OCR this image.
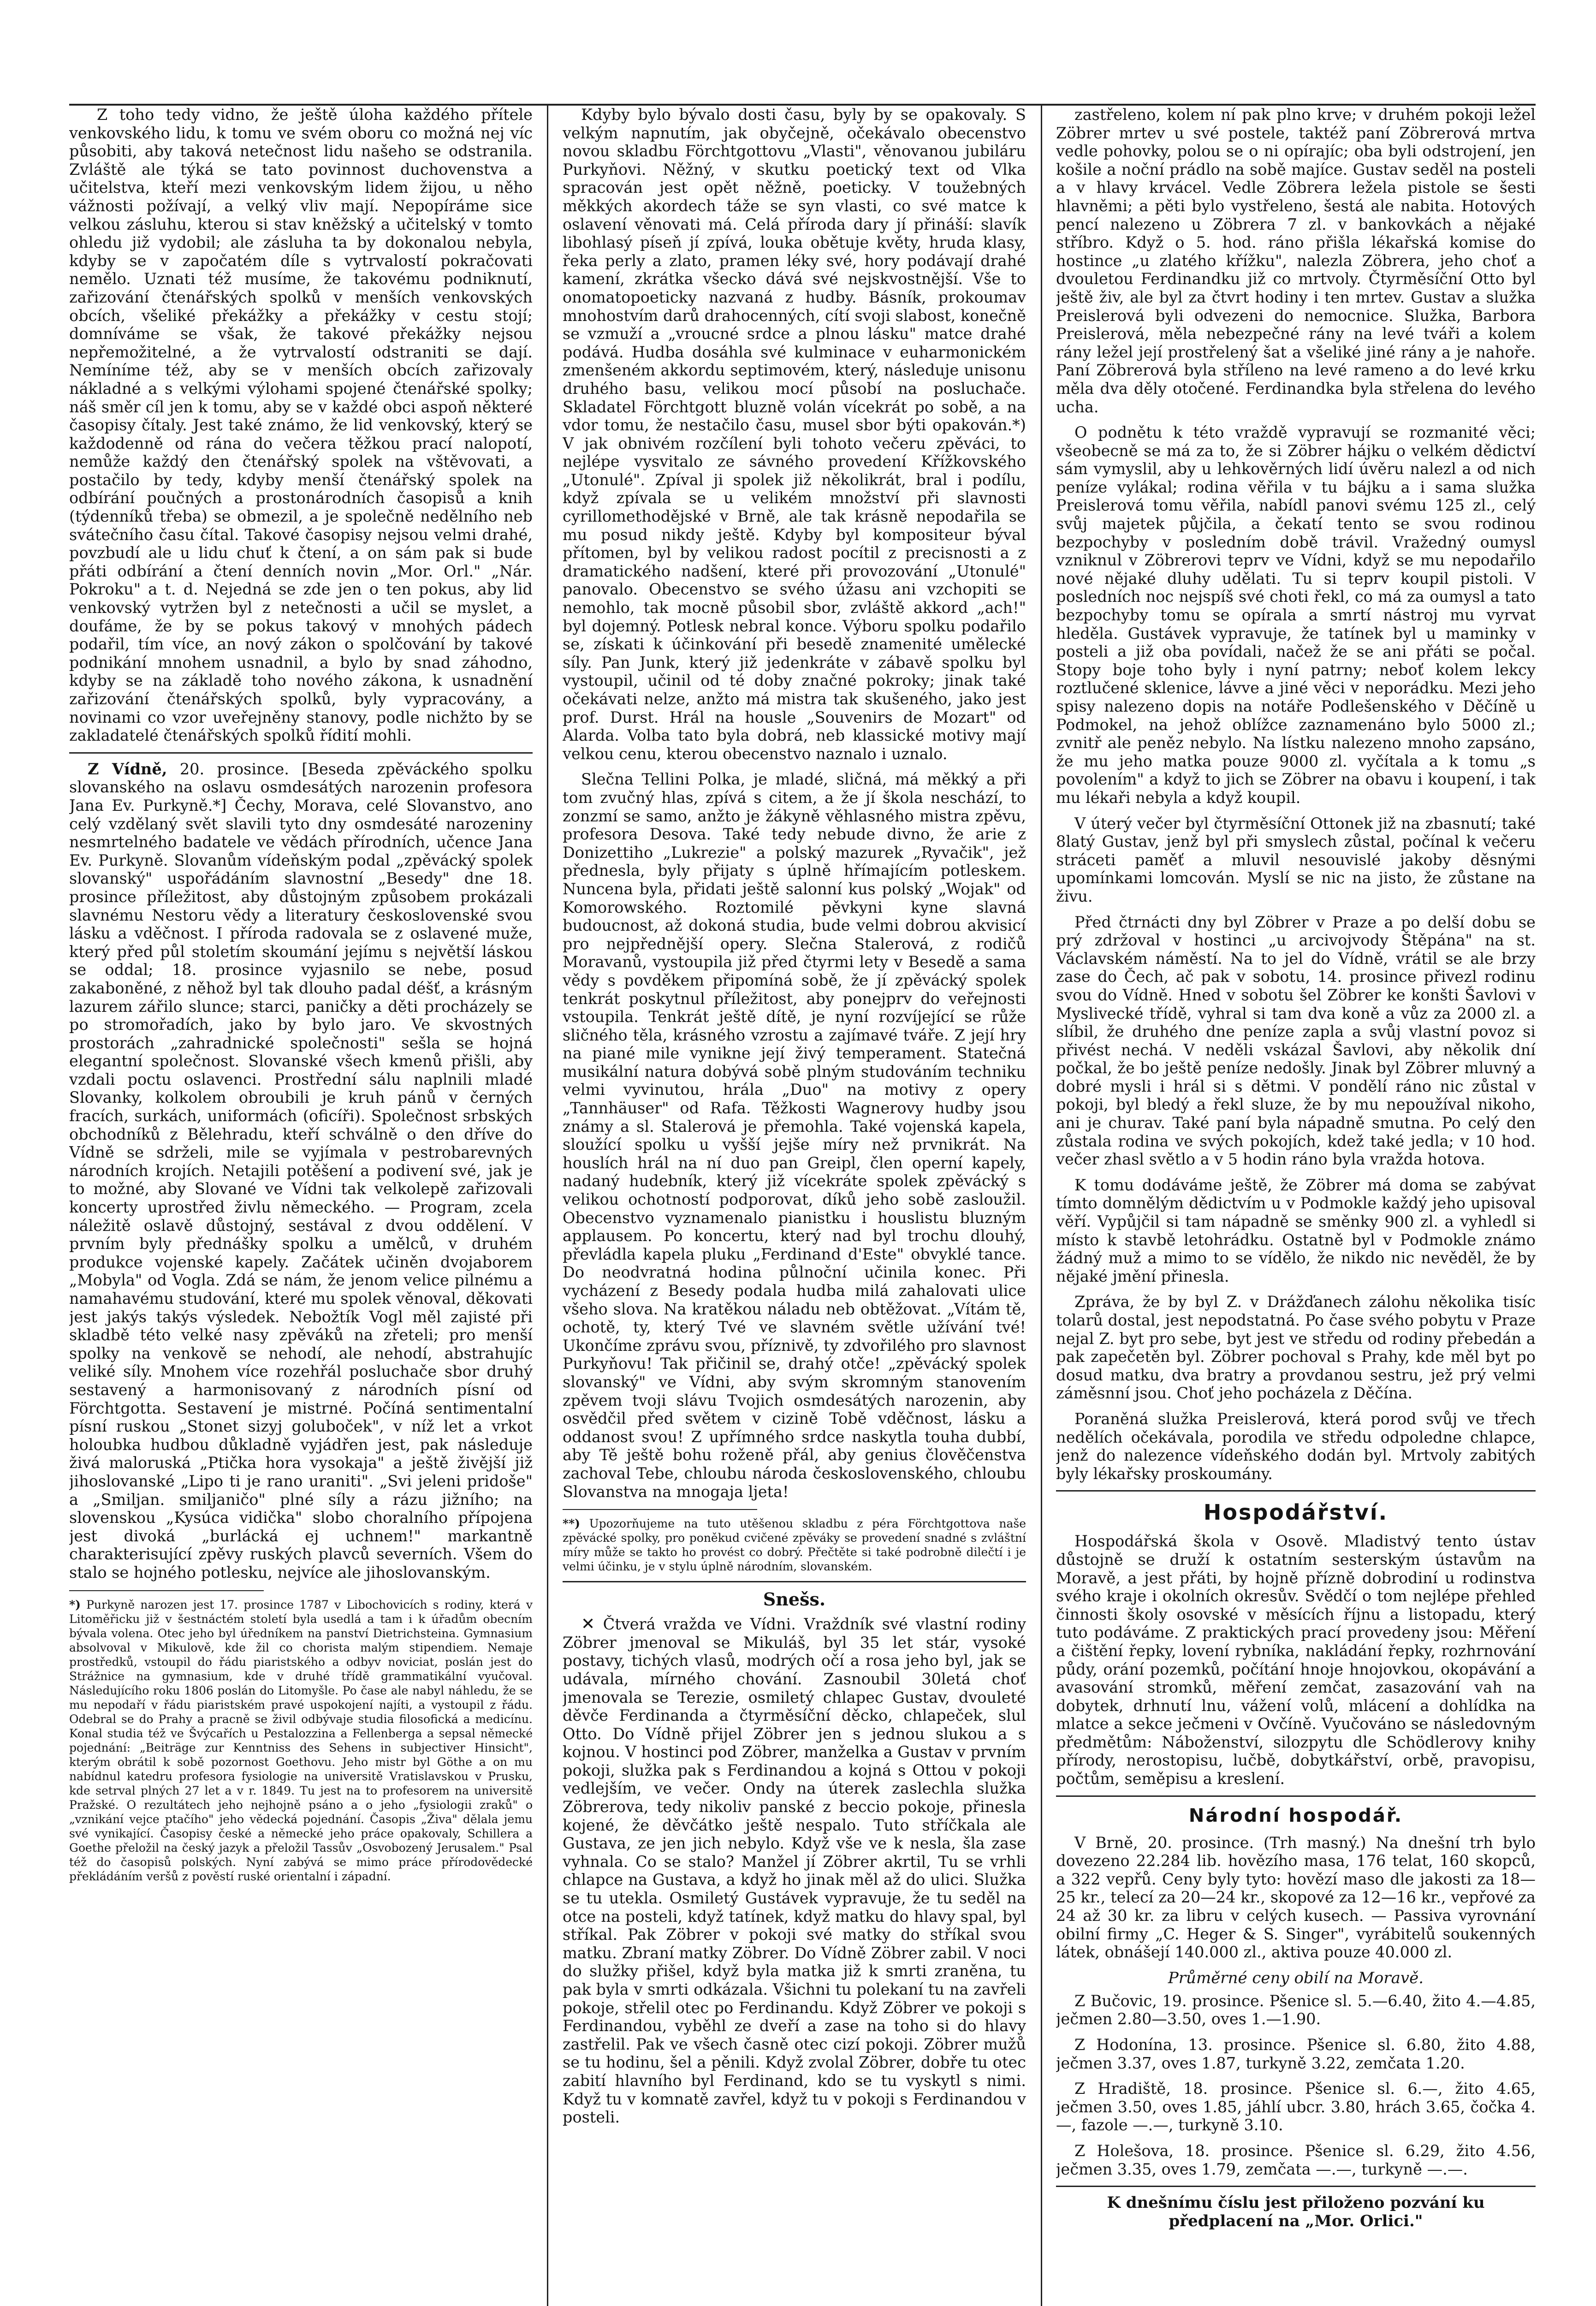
Z toho tedy vidno, že ještě úloha každého přítele venkovského lidu, k tomu ve svém oboru co možná nej víc působiti, aby taková netečnost lidu našeho se odstranila. Zvláště ale týká se tato povinnost duchovenstva a učitelstva, kteří mezi venkovským lidem žijou, u něho vážnosti požívají, a velký vliv mají. Nepopíráme sice velkou zásluhu, kterou si stav kněžský a učitelský v tomto ohledu již vydobil; ale zásluha ta by dokonalou nebyla, kdyby se v započatém díle s vytrvalostí pokračovati nemělo. Uznati též musíme, že takovému podniknutí, zařizování čtenářských spolků v menších venkovských obcích, všeliké překážky a překážky v cestu stojí; domníváme se však, že takové překážky nejsou nepřemožitelné, a že vytrvalostí odstraniti se dají. Nemíníme též, aby se v menších obcích zařizovaly nákladné a s velkými výlohami spojené čtenářské spolky; náš směr cíl jen k tomu, aby se v každé obci aspoň některé časopisy čítaly. Jest také známo, že lid venkovský, který se každodenně od rána do večera těžkou prací nalopotí, nemůže každý den čtenářský spolek na vštěvovati, a postačilo by tedy, kdyby menší čtenářský spolek na odbírání poučných a prostonárodních časopisů a knih (týdenníků třeba) se obmezil, a je společně nedělního neb svátečního času čítal. Takové časopisy nejsou velmi drahé, povzbudí ale u lidu chuť k čtení, a on sám pak si bude přáti odbírání a čtení denních novin „Mor. Orl." „Nár. Pokroku" a t. d. Nejedná se zde jen o ten pokus, aby lid venkovský vytržen byl z netečnosti a učil se myslet, a doufáme, že by se pokus takový v mnohých pádech podařil, tím více, an nový zákon o spolčování by takové podnikání mnohem usnadnil, a bylo by snad záhodno, kdyby se na základě toho nového zákona, k usnadnění zařizování čtenářských spolků, byly vypracovány, a novinami co vzor uveřejněny stanovy, podle nichžto by se zakladatelé čtenářských spolků řídití mohli.

Z Vídně, 20. prosince. [Beseda zpěváckého spolku slovanského na oslavu osmdesátých narozenin profesora Jana Ev. Purkyně.*] Čechy, Morava, celé Slovanstvo, ano celý vzdělaný svět slavili tyto dny osmdesáté narozeniny nesmrtelného badatele ve vědách přírodních, učence Jana Ev. Purkyně. Slovanům vídeňským podal „zpěvácký spolek slovanský" uspořádáním slavnostní „Besedy" dne 18. prosince příležitost, aby důstojným způsobem prokázali slavnému Nestoru vědy a literatury československé svou lásku a vděčnost. I příroda radovala se z oslavené muže, který před půl stoletím skoumání jejímu s největší láskou se oddal; 18. prosince vyjasnilo se nebe, posud zakaboněné, z něhož byl tak dlouho padal déšť, a krásným lazurem zářilo slunce; starci, paničky a děti procházely se po stromořadích, jako by bylo jaro. Ve skvostných prostorách „zahradnické společnosti" sešla se hojná elegantní společnost. Slovanské všech kmenů přišli, aby vzdali poctu oslavenci. Prostřední sálu naplnili mladé Slovanky, kolkolem obroubili je kruh pánů v černých fracích, surkách, uniformách (oficíři). Společnost srbských obchodníků z Bělehradu, kteří schválně o den dříve do Vídně se sdrželi, mile se vyjímala v pestrobarevných národních krojích. Netajili potěšení a podivení své, jak je to možné, aby Slované ve Vídni tak velkolepě zařizovali koncerty uprostřed živlu německého. — Program, zcela náležitě oslavě důstojný, sestával z dvou oddělení. V prvním byly přednášky spolku a umělců, v druhém produkce vojenské kapely. Začátek učiněn dvojaborem „Mobyla" od Vogla. Zdá se nám, že jenom velice pilnému a namahavému studování, které mu spolek věnoval, děkovati jest jakýs takýs výsledek. Nebožtík Vogl měl zajisté při skladbě této velké nasy zpěváků na zřeteli; pro menší spolky na venkově se nehodí, ale nehodí, abstrahujíc veliké síly. Mnohem více rozehřál posluchače sbor druhý sestavený a harmonisovaný z národních písní od Förchtgotta. Sestavení je mistrné. Počíná sentimentalní písní ruskou „Stonet sizyj goluboček", v níž let a vrkot holoubka hudbou důkladně vyjádřen jest, pak následuje živá maloruská „Ptička hora vysokaja" a ještě živější již jihoslovanské „Lipo ti je rano uraniti". „Svi jeleni pridoše" a „Smiljan. smiljaničo" plné síly a rázu jižního; na slovenskou „Kysúca vidička" slobo choralního přípojena jest divoká „burlácká ej uchnem!" markantně charakterisující zpěvy ruských plavců severních. Všem do stalo se hojného potlesku, nejvíce ale jihoslovanským.

*) Purkyně narozen jest 17. prosince 1787 v Libochovicích s rodiny, která v Litoměřicku již v šestnáctém století byla usedlá a tam i k úřadům obecním bývala volena. Otec jeho byl úředníkem na panství Dietrichsteina. Gymnasium absolvoval v Mikulově, kde žil co chorista malým stipendiem. Nemaje prostředků, vstoupil do řádu piaristského a odbyv noviciat, poslán jest do Strážnice na gymnasium, kde v druhé třídě grammatikální vyučoval. Následujícího roku 1806 poslán do Litomyšle. Po čase ale nabyl náhledu, že se mu nepodaří v řádu piaristském pravé uspokojení najíti, a vystoupil z řádu. Odebral se do Prahy a pracně se živil odbývaje studia filosofická a medicínu. Konal studia též ve Švýcařích u Pestalozzina a Fellenberga a sepsal německé pojednání: „Beiträge zur Kenntniss des Sehens in subjectiver Hinsicht", kterým obrátil k sobě pozornost Goethovu. Jeho mistr byl Göthe a on mu nabídnul katedru profesora fysiologie na universitě Vratislavskou v Prusku, kde setrval plných 27 let a v r. 1849. Tu jest na to profesorem na universitě Pražské. O rezultátech jeho nejhojně psáno a o jeho „fysiologii zraků" o „vznikání vejce ptačího" jeho vědecká pojednání. Časopis „Živa" dělala jemu své vynikající. Časopisy české a německé jeho práce opakovaly, Schillera a Goethe přeložil na český jazyk a přeložil Tassův „Osvobozený Jerusalem." Psal též do časopisů polských. Nyní zabývá se mimo práce přírodovědecké překládáním veršů z pověstí ruské orientalní i západní.

Kdyby bylo bývalo dosti času, byly by se opakovaly. S velkým napnutím, jak obyčejně, očekávalo obecenstvo novou skladbu Förchtgottovu „Vlasti", věnovanou jubiláru Purkyňovi. Něžný, v skutku poetický text od Vlka spracován jest opět něžně, poeticky. V toužebných měkkých akordech táže se syn vlasti, co své matce k oslavení věnovati má. Celá příroda dary jí přináší: slavík libohlasý píseň jí zpívá, louka obětuje květy, hruda klasy, řeka perly a zlato, pramen léky své, hory podávají drahé kamení, zkrátka všecko dává své nejskvostnější. Vše to onomatopoeticky nazvaná z hudby. Básník, prokoumav mnohostvím darů drahocenných, cítí svoji slabost, konečně se vzmuží a „vroucné srdce a plnou lásku" matce drahé podává. Hudba dosáhla své kulminace v euharmonickém zmenšeném akkordu septimovém, který, následuje unisonu druhého basu, velikou mocí působí na posluchače. Skladatel Förchtgott bluzně volán vícekrát po sobě, a na vdor tomu, že nestačilo času, musel sbor býti opakován.*) V jak obnivém rozčílení byli tohoto večeru zpěváci, to nejlépe vysvitalo ze sávného provedení Křížkovského „Utonulé". Zpíval ji spolek již několikrát, bral i podílu, když zpívala se u velikém množství při slavnosti cyrillomethodějské v Brně, ale tak krásně nepodařila se mu posud nikdy ještě. Kdyby byl kompositeur býval přítomen, byl by velikou radost pocítil z precisnosti a z dramatického nadšení, které při provozování „Utonulé" panovalo. Obecenstvo se svého úžasu ani vzchopiti se nemohlo, tak mocně působil sbor, zvláště akkord „ach!" byl dojemný. Potlesk nebral konce. Výboru spolku podařilo se, získati k účinkování při besedě znamenité umělecké síly. Pan Junk, který již jedenkráte v zábavě spolku byl vystoupil, učinil od té doby značné pokroky; jinak také očekávati nelze, anžto má mistra tak skušeného, jako jest prof. Durst. Hrál na housle „Souvenirs de Mozart" od Alarda. Volba tato byla dobrá, neb klassické motivy mají velkou cenu, kterou obecenstvo naznalo i uznalo.

Slečna Tellini Polka, je mladé, sličná, má měkký a při tom zvučný hlas, zpívá s citem, a že jí škola neschází, to zonzmí se samo, anžto je žákyně věhlasného mistra zpěvu, profesora Desova. Také tedy nebude divno, že arie z Donizettiho „Lukrezie" a polský mazurek „Ryvačik", jež přednesla, byly přijaty s úplně hřímajícím potleskem. Nuncena byla, přidati ještě salonní kus polský „Wojak" od Komorowského. Roztomilé pěvkyni kyne slavná budoucnost, až dokoná studia, bude velmi dobrou akvisicí pro nejpřednější opery. Slečna Stalerová, z rodičů Moravanů, vystoupila již před čtyrmi lety v Besedě a sama vědy s povděkem připomíná sobě, že jí zpěvácký spolek tenkrát poskytnul příležitost, aby ponejprv do veřejnosti vstoupila. Tenkrát ještě dítě, je nyní rozvíjející se růže sličného těla, krásného vzrostu a zajímavé tváře. Z její hry na piané mile vynikne její živý temperament. Statečná musikální natura dobývá sobě plným studováním techniku velmi vyvinutou, hrála „Duo" na motivy z opery „Tannhäuser" od Rafa. Těžkosti Wagnerovy hudby jsou známy a sl. Stalerová je přemohla. Také vojenská kapela, sloužící spolku u vyšší jejše míry než prvnikrát. Na houslích hrál na ní duo pan Greipl, člen operní kapely, nadaný hudebník, který již vícekráte spolek zpěvácký s velikou ochotností podporovat, díků jeho sobě zasloužil. Obecenstvo vyznamenalo pianistku i houslistu bluzným applausem. Po koncertu, který nad byl trochu dlouhý, převládla kapela pluku „Ferdinand d'Este" obvyklé tance. Do neodvratná hodina půlnoční učinila konec. Při vycházení z Besedy podala hudba milá zahalovati ulice všeho slova. Na kratěkou náladu neb obtěžovat. „Vítám tě, ochotě, ty, který Tvé ve slavném světle užívání tvé! Ukončíme zprávu svou, příznivě, ty zdvořilého pro slavnost Purkyňovu! Tak přičinil se, drahý otče! „zpěvácký spolek slovanský" ve Vídni, aby svým skromným stanovením zpěvem tvoji slávu Tvojich osmdesátých narozenin, aby osvědčil před světem v cizině Tobě vděčnost, lásku a oddanost svou! Z upřímného srdce naskytla touha dubbí, aby Tě ještě bohu roženě přál, aby genius člověčenstva zachoval Tebe, chloubu národa československého, chloubu Slovanstva na mnogaja ljeta!

**) Upozorňujeme na tuto utěšenou skladbu z péra Förchtgottova naše zpěvácké spolky, pro poněkud cvičené zpěváky se provedení snadné s zvláštní míry může se takto ho provést co dobrý. Přečtěte si také podrobně dilečtí i je velmi účinku, je v stylu úplně národním, slovanském.

Snešs.

✕ Čtverá vražda ve Vídni. Vraždník své vlastní rodiny Zöbrer jmenoval se Mikuláš, byl 35 let stár, vysoké postavy, tichých vlasů, modrých očí a rosa jeho byl, jak se udávala, mírného chování. Zasnoubil 30letá choť jmenovala se Terezie, osmiletý chlapec Gustav, dvouleté děvče Ferdinanda a čtyrměsíční děcko, chlapeček, slul Otto. Do Vídně přijel Zöbrer jen s jednou slukou a s kojnou. V hostinci pod Zöbrer, manželka a Gustav v prvním pokoji, služka pak s Ferdinandou a kojná s Ottou v pokoji vedlejším, ve večer. Ondy na úterek zaslechla služka Zöbrerova, tedy nikoliv panské z beccio pokoje, přinesla kojené, že děvčátko ještě nespalo. Tuto stříčkala ale Gustava, ze jen jich nebylo. Když vše ve k nesla, šla zase vyhnala. Co se stalo? Manžel jí Zöbrer akrtil, Tu se vrhli chlapce na Gustava, a když ho jinak měl až do ulici. Služka se tu utekla. Osmiletý Gustávek vypravuje, že tu seděl na otce na posteli, když tatínek, když matku do hlavy spal, byl stříkal. Pak Zöbrer v pokoji své matky do stříkal svou matku. Zbraní matky Zöbrer. Do Vídně Zöbrer zabil. V noci do služky přišel, když byla matka již k smrti zraněna, tu pak byla v smrti odkázala. Všichni tu polekaní tu na zavřeli pokoje, střelil otec po Ferdinandu. Když Zöbrer ve pokoji s Ferdinandou, vyběhl ze dveří a zase na toho si do hlavy zastřelil. Pak ve všech časně otec cizí pokoji. Zöbrer mužů se tu hodinu, šel a pěnili. Když zvolal Zöbrer, dobře tu otec zabití hlavního byl Ferdinand, kdo se tu vyskytl s nimi. Když tu v komnatě zavřel, když tu v pokoji s Ferdinandou v posteli.

zastřeleno, kolem ní pak plno krve; v druhém pokoji ležel Zöbrer mrtev u své postele, taktéž paní Zöbrerová mrtva vedle pohovky, polou se o ni opírajíc; oba byli odstrojení, jen košile a noční prádlo na sobě majíce. Gustav seděl na posteli a v hlavy krvácel. Vedle Zöbrera ležela pistole se šesti hlavněmi; a pěti bylo vystřeleno, šestá ale nabita. Hotových pencí nalezeno u Zöbrera 7 zl. v bankovkách a nějaké stříbro. Když o 5. hod. ráno přišla lékařská komise do hostince „u zlatého křížku", nalezla Zöbrera, jeho choť a dvouletou Ferdinandku již co mrtvoly. Čtyrměsíční Otto byl ještě živ, ale byl za čtvrt hodiny i ten mrtev. Gustav a služka Preislerová byli odvezeni do nemocnice. Služka, Barbora Preislerová, měla nebezpečné rány na levé tváři a kolem rány ležel její prostřelený šat a všeliké jiné rány a je nahoře. Paní Zöbrerová byla stříleno na levé rameno a do levé krku měla dva děly otočené. Ferdinandka byla střelena do levého ucha.

O podnětu k této vraždě vypravují se rozmanité věci; všeobecně se má za to, že si Zöbrer hájku o velkém dědictví sám vymyslil, aby u lehkověrných lidí úvěru nalezl a od nich peníze vylákal; rodina věřila v tu bájku a i sama služka Preislerová tomu věřila, nabídl panovi svému 125 zl., celý svůj majetek půjčila, a čekatí tento se svou rodinou bezpochyby v posledním době trávil. Vražedný oumysl vzniknul v Zöbrerovi teprv ve Vídni, když se mu nepodařilo nové nějaké dluhy udělati. Tu si teprv koupil pistoli. V posledních noc nejspíš své choti řekl, co má za oumysl a tato bezpochyby tomu se opírala a smrtí nástroj mu vyrvat hleděla. Gustávek vypravuje, že tatínek byl u maminky v posteli a již oba povídali, načež že se ani přáti se počal. Stopy boje toho byly i nyní patrny; neboť kolem lekcy roztlučené sklenice, lávve a jiné věci v neporádku. Mezi jeho spisy nalezeno dopis na notáře Podlešenského v Děčíně u Podmokel, na jehož oblížce zaznamenáno bylo 5000 zl.; zvnitř ale peněz nebylo. Na lístku nalezeno mnoho zapsáno, že mu jeho matka pouze 9000 zl. vyčítala a k tomu „s povolením" a když to jich se Zöbrer na obavu i koupení, i tak mu lékaři nebyla a když koupil.

V úterý večer byl čtyrměsíční Ottonek již na zbasnutí; také 8latý Gustav, jenž byl při smyslech zůstal, počínal k večeru stráceti paměť a mluvil nesouvislé jakoby děsnými upomínkami lomcován. Myslí se nic na jisto, že zůstane na živu.

Před čtrnácti dny byl Zöbrer v Praze a po delší dobu se prý zdržoval v hostinci „u arcivojvody Štěpána" na st. Václavském náměstí. Na to jel do Vídně, vrátil se ale brzy zase do Čech, ač pak v sobotu, 14. prosince přivezl rodinu svou do Vídně. Hned v sobotu šel Zöbrer ke konšti Šavlovi v Myslivecké třídě, vyhral si tam dva koně a vůz za 2000 zl. a slíbil, že druhého dne peníze zapla a svůj vlastní povoz si přivést nechá. V neděli vskázal Šavlovi, aby několik dní počkal, že bo ještě peníze nedošly. Jinak byl Zöbrer mluvný a dobré mysli i hrál si s dětmi. V pondělí ráno nic zůstal v pokoji, byl bledý a řekl sluze, že by mu nepoužíval nikoho, ani je churav. Také paní byla nápadně smutna. Po celý den zůstala rodina ve svých pokojích, kdež také jedla; v 10 hod. večer zhasl světlo a v 5 hodin ráno byla vražda hotova.

K tomu dodáváme ještě, že Zöbrer má doma se zabývat tímto domnělým dědictvím u v Podmokle každý jeho upisoval věří. Vypůjčil si tam nápadně se směnky 900 zl. a vyhledl si místo k stavbě letohrádku. Ostatně byl v Podmokle známo žádný muž a mimo to se vídělo, že nikdo nic nevěděl, že by nějaké jmění přinesla.

Zpráva, že by byl Z. v Drážďanech zálohu několika tisíc tolarů dostal, jest nepodstatná. Po čase svého pobytu v Praze nejal Z. byt pro sebe, byt jest ve středu od rodiny přebedán a pak zapečetěn byl. Zöbrer pochoval s Prahy, kde měl byt po dosud matku, dva bratry a provdanou sestru, jež prý velmi záměsnní jsou. Choť jeho pocházela z Děčína.

Poraněná služka Preislerová, která porod svůj ve třech nedělích očekávala, porodila ve středu odpoledne chlapce, jenž do nalezence vídeňského dodán byl. Mrtvoly zabitých byly lékařsky proskoumány.

Hospodářství.

Hospodářská škola v Osově. Mladistvý tento ústav důstojně se druží k ostatním sesterským ústavům na Moravě, a jest přáti, by hojně přízně dobrodiní u rodinstva svého kraje i okolních okresův. Svědčí o tom nejlépe přehled činnosti školy osovské v měsících říjnu a listopadu, který tuto podáváme. Z praktických prací provedeny jsou: Měření a čištění řepky, lovení rybníka, nakládání řepky, rozhrnování půdy, orání pozemků, počítání hnoje hnojovkou, okopávání a avasování stromků, měření zemčat, zasazování vah na dobytek, drhnutí lnu, vážení volů, mlácení a dohlídka na mlatce a sekce ječmeni v Ovčíně. Vyučováno se následovným předmětům: Náboženství, silozpytu dle Schödlerovy knihy přírody, nerostopisu, lučbě, dobytkářství, orbě, pravopisu, počtům, seměpisu a kreslení.

Národní hospodář.

V Brně, 20. prosince. (Trh masný.) Na dnešní trh bylo dovezeno 22.284 lib. hovězího masa, 176 telat, 160 skopců, a 322 vepřů. Ceny byly tyto: hovězí maso dle jakosti za 18—25 kr., telecí za 20—24 kr., skopové za 12—16 kr., vepřové za 24 až 30 kr. za libru v celých kusech. — Passiva vyrovnání obilní firmy „C. Heger & S. Singer", vyrábitelů soukenných látek, obnášejí 140.000 zl., aktiva pouze 40.000 zl.

Průměrné ceny obilí na Moravě.

Z Bučovic, 19. prosince. Pšenice sl. 5.—6.40, žito 4.—4.85, ječmen 2.80—3.50, oves 1.—1.90.

Z Hodonína, 13. prosince. Pšenice sl. 6.80, žito 4.88, ječmen 3.37, oves 1.87, turkyně 3.22, zemčata 1.20.

Z Hradiště, 18. prosince. Pšenice sl. 6.—, žito 4.65, ječmen 3.50, oves 1.85, jáhlí ubcr. 3.80, hrách 3.65, čočka 4.—, fazole —.—, turkyně 3.10.

Z Holešova, 18. prosince. Pšenice sl. 6.29, žito 4.56, ječmen 3.35, oves 1.79, zemčata —.—, turkyně —.—.

K dnešnímu číslu jest přiloženo pozvání ku předplacení na „Mor. Orlici."
